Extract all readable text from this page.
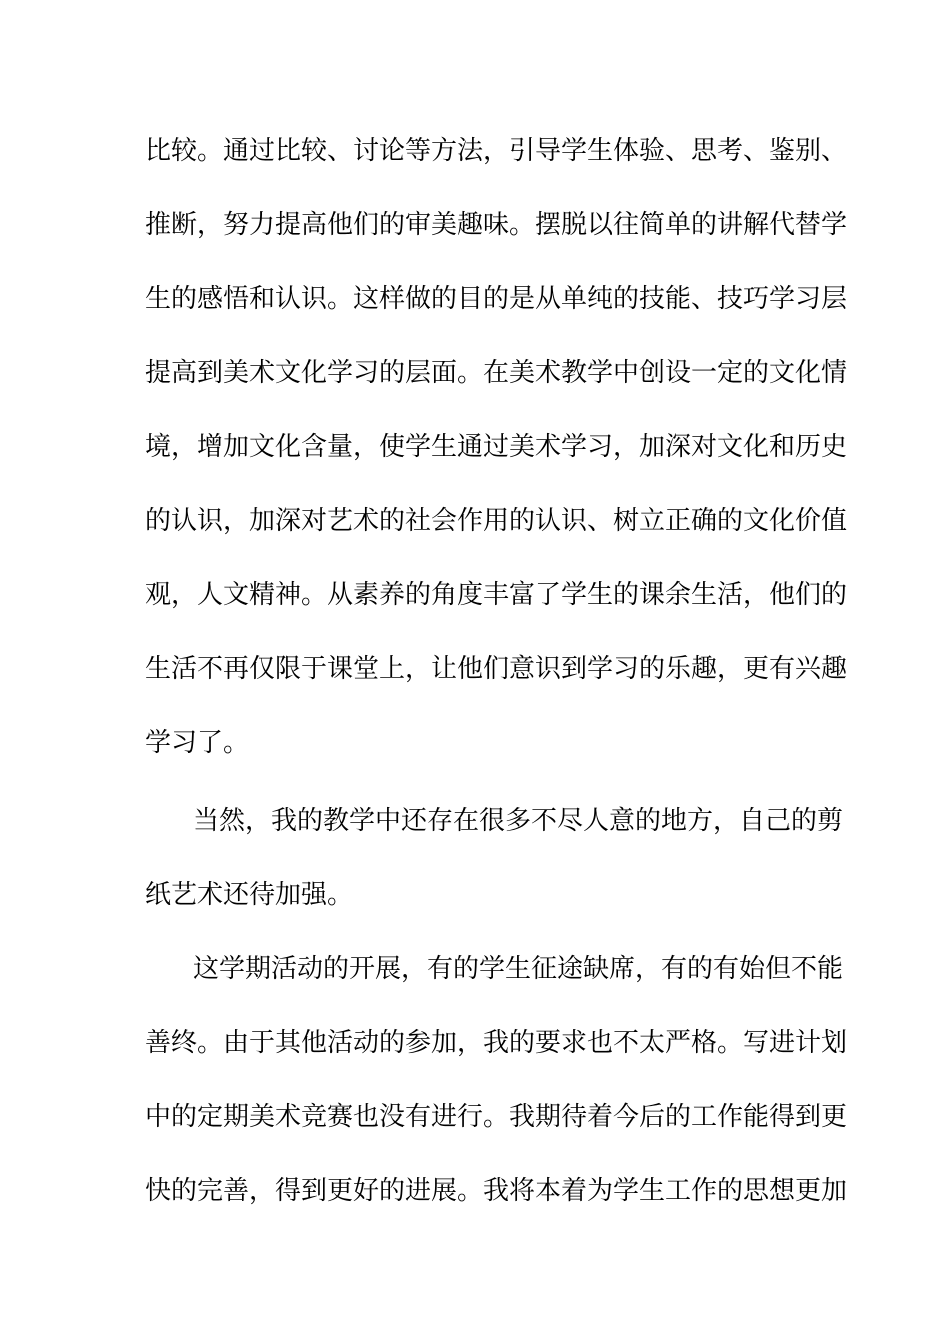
比较。通过比较、讨论等方法，引导学生体验、思考、鉴别、
推断，努力提高他们的审美趣味。摆脱以往简单的讲解代替学
生的感悟和认识。这样做的目的是从单纯的技能、技巧学习层
提高到美术文化学习的层面。在美术教学中创设一定的文化情
境，增加文化含量，使学生通过美术学习，加深对文化和历史
的认识，加深对艺术的社会作用的认识、树立正确的文化价值
观，人文精神。从素养的角度丰富了学生的课余生活，他们的
生活不再仅限于课堂上，让他们意识到学习的乐趣，更有兴趣
学习了。
当然，我的教学中还存在很多不尽人意的地方，自己的剪
纸艺术还待加强。
这学期活动的开展，有的学生征途缺席，有的有始但不能
善终。由于其他活动的参加，我的要求也不太严格。写进计划
中的定期美术竞赛也没有进行。我期待着今后的工作能得到更
快的完善，得到更好的进展。我将本着为学生工作的思想更加
